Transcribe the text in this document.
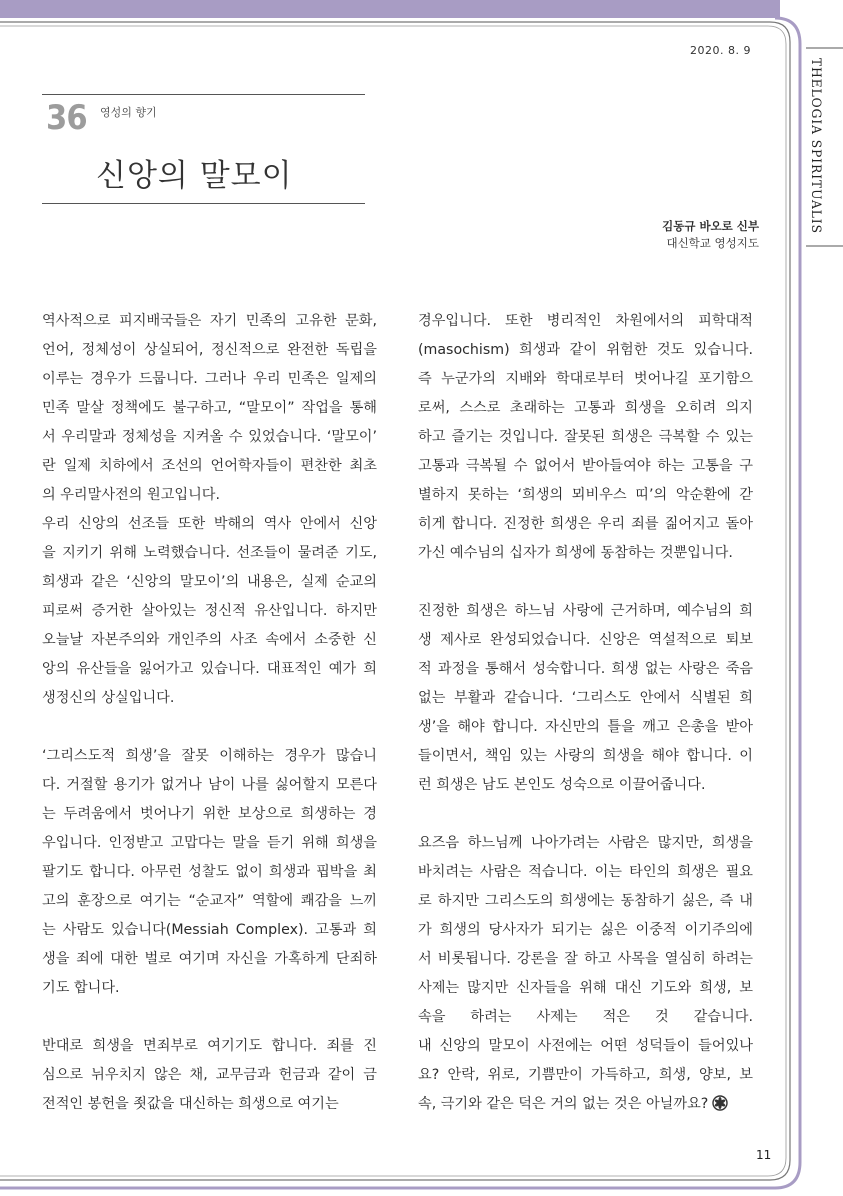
2020. 8. 9
THELOGIA SPIRITUALIS
36 영성의 향기
신앙의 말모이
김동규 바오로 신부
대신학교 영성지도

역사적으로 피지배국들은 자기 민족의 고유한 문화,

언어, 정체성이 상실되어, 정신적으로 완전한 독립을

이루는 경우가 드뭅니다. 그러나 우리 민족은 일제의

민족 말살 정책에도 불구하고, “말모이” 작업을 통해

서 우리말과 정체성을 지켜올 수 있었습니다. ‘말모이’

란 일제 치하에서 조선의 언어학자들이 편찬한 최초

의 우리말사전의 원고입니다.

우리 신앙의 선조들 또한 박해의 역사 안에서 신앙

을 지키기 위해 노력했습니다. 선조들이 물려준 기도,

희생과 같은 ‘신앙의 말모이’의 내용은, 실제 순교의

피로써 증거한 살아있는 정신적 유산입니다. 하지만

오늘날 자본주의와 개인주의 사조 속에서 소중한 신

앙의 유산들을 잃어가고 있습니다. 대표적인 예가 희

생정신의 상실입니다.

‘그리스도적 희생’을 잘못 이해하는 경우가 많습니

다. 거절할 용기가 없거나 남이 나를 싫어할지 모른다

는 두려움에서 벗어나기 위한 보상으로 희생하는 경

우입니다. 인정받고 고맙다는 말을 듣기 위해 희생을

팔기도 합니다. 아무런 성찰도 없이 희생과 핍박을 최

고의 훈장으로 여기는 “순교자” 역할에 쾌감을 느끼

는 사람도 있습니다(Messiah Complex). 고통과 희

생을 죄에 대한 벌로 여기며 자신을 가혹하게 단죄하

기도 합니다.

반대로 희생을 면죄부로 여기기도 합니다. 죄를 진

심으로 뉘우치지 않은 채, 교무금과 헌금과 같이 금

전적인 봉헌을 죗값을 대신하는 희생으로 여기는

경우입니다. 또한 병리적인 차원에서의 피학대적

(masochism) 희생과 같이 위험한 것도 있습니다.

즉 누군가의 지배와 학대로부터 벗어나길 포기함으

로써, 스스로 초래하는 고통과 희생을 오히려 의지

하고 즐기는 것입니다. 잘못된 희생은 극복할 수 있는

고통과 극복될 수 없어서 받아들여야 하는 고통을 구

별하지 못하는 ‘희생의 뫼비우스 띠’의 악순환에 갇

히게 합니다. 진정한 희생은 우리 죄를 짊어지고 돌아

가신 예수님의 십자가 희생에 동참하는 것뿐입니다.

진정한 희생은 하느님 사랑에 근거하며, 예수님의 희

생 제사로 완성되었습니다. 신앙은 역설적으로 퇴보

적 과정을 통해서 성숙합니다. 희생 없는 사랑은 죽음

없는 부활과 같습니다. ‘그리스도 안에서 식별된 희

생’을 해야 합니다. 자신만의 틀을 깨고 은총을 받아

들이면서, 책임 있는 사랑의 희생을 해야 합니다. 이

런 희생은 남도 본인도 성숙으로 이끌어줍니다.

요즈음 하느님께 나아가려는 사람은 많지만, 희생을

바치려는 사람은 적습니다. 이는 타인의 희생은 필요

로 하지만 그리스도의 희생에는 동참하기 싫은, 즉 내

가 희생의 당사자가 되기는 싫은 이중적 이기주의에

서 비롯됩니다. 강론을 잘 하고 사목을 열심히 하려는

사제는 많지만 신자들을 위해 대신 기도와 희생, 보

속을 하려는 사제는 적은 것 같습니다.

내 신앙의 말모이 사전에는 어떤 성덕들이 들어있나

요? 안락, 위로, 기쁨만이 가득하고, 희생, 양보, 보

속, 극기와 같은 덕은 거의 없는 것은 아닐까요?

11
